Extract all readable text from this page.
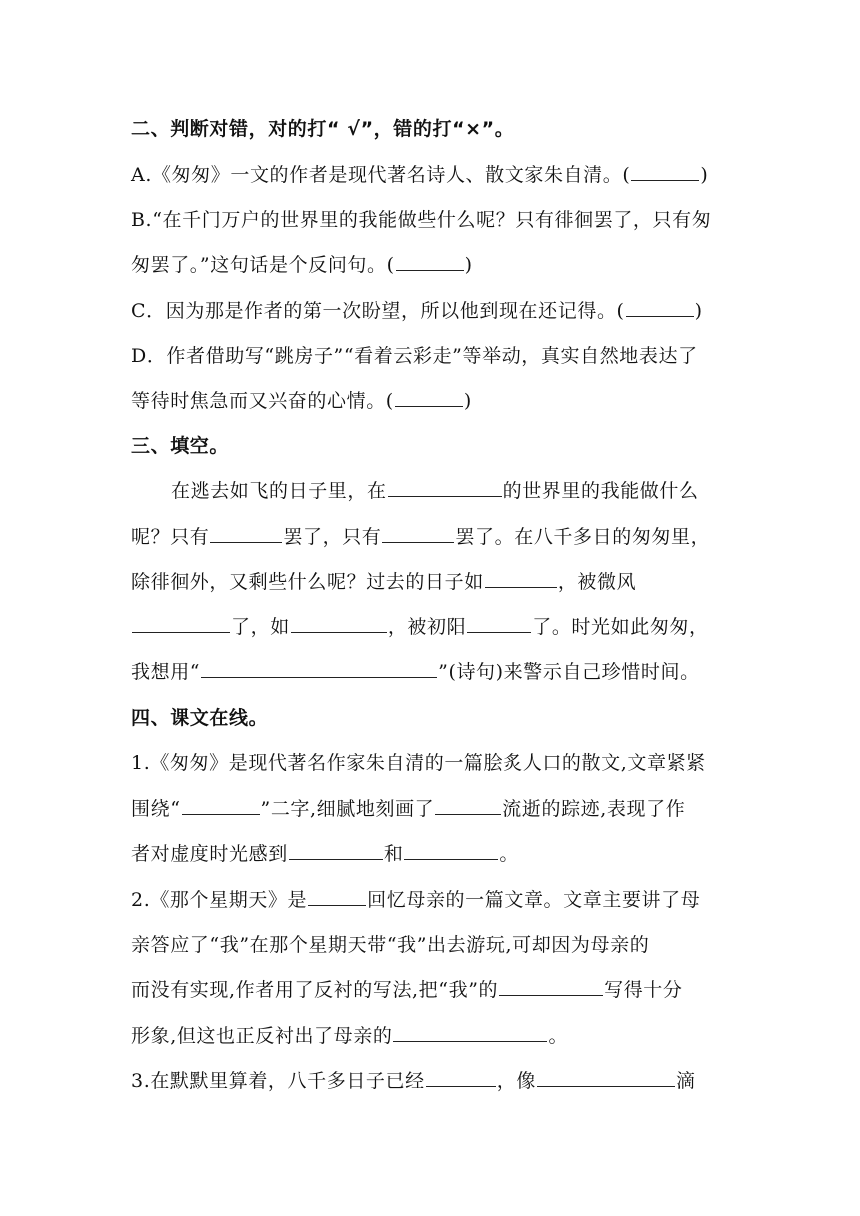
二、判断对错，对的打“ √”，错的打“×”。
A.《匆匆》一文的作者是现代著名诗人、散文家朱自清。(	)
B.“在千门万户的世界里的我能做些什么呢？只有徘徊罢了，只有匆
匆罢了。”这句话是个反问句。(	)
C．因为那是作者的第一次盼望，所以他到现在还记得。(	)
D．作者借助写“跳房子”“看着云彩走”等举动，真实自然地表达了
等待时焦急而又兴奋的心情。(	)
三、填空。
在逃去如飞的日子里，在	的世界里的我能做什么
呢？只有	罢了，只有	罢了。在八千多日的匆匆里，
除徘徊外，又剩些什么呢？过去的日子如	，被微风
了，如	，被初阳	了。时光如此匆匆，
我想用“	”(诗句)来警示自己珍惜时间。
四、课文在线。
1.《匆匆》是现代著名作家朱自清的一篇脍炙人口的散文,文章紧紧
围绕“	”二字,细腻地刻画了	流逝的踪迹,表现了作
者对虚度时光感到	和	。
2.《那个星期天》是	回忆母亲的一篇文章。文章主要讲了母
亲答应了“我”在那个星期天带“我”出去游玩,可却因为母亲的
而没有实现,作者用了反衬的写法,把“我”的	写得十分
形象,但这也正反衬出了母亲的	。
3.在默默里算着，八千多日子已经	，像	滴
